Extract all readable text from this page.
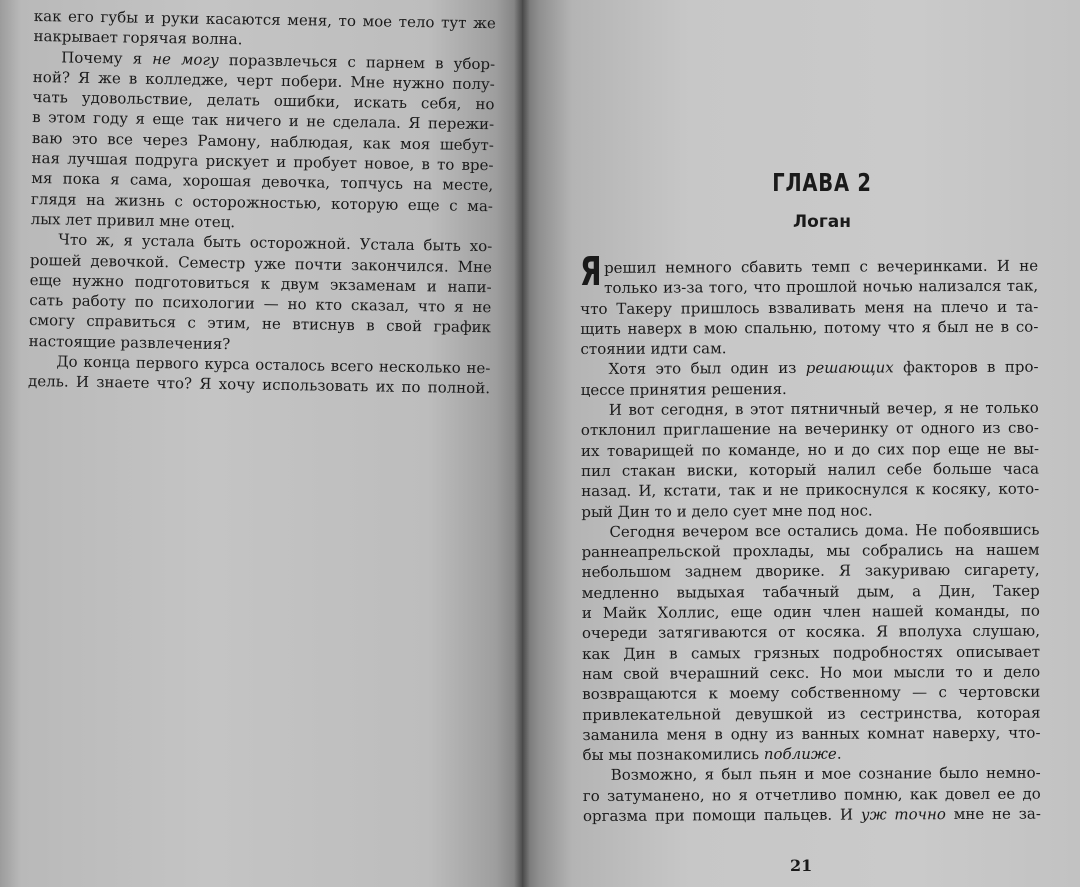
как его губы и руки касаются меня, то мое тело тут же
накрывает горячая волна.
Почему я не могу поразвлечься с парнем в убор-
ной? Я же в колледже, черт побери. Мне нужно полу-
чать удовольствие, делать ошибки, искать себя, но
в этом году я еще так ничего и не сделала. Я пережи-
ваю это все через Рамону, наблюдая, как моя шебут-
ная лучшая подруга рискует и пробует новое, в то вре-
мя пока я сама, хорошая девочка, топчусь на месте,
глядя на жизнь с осторожностью, которую еще с ма-
лых лет привил мне отец.
Что ж, я устала быть осторожной. Устала быть хо-
рошей девочкой. Семестр уже почти закончился. Мне
еще нужно подготовиться к двум экзаменам и напи-
сать работу по психологии — но кто сказал, что я не
смогу справиться с этим, не втиснув в свой график
настоящие развлечения?
До конца первого курса осталось всего несколько не-
дель. И знаете что? Я хочу использовать их по полной.
ГЛАВА 2
Логан
Я решил немного сбавить темп с вечеринками. И не
только из-за того, что прошлой ночью нализался так,
что Такеру пришлось взваливать меня на плечо и та-
щить наверх в мою спальню, потому что я был не в со-
стоянии идти сам.
Хотя это был один из решающих факторов в про-
цессе принятия решения.
И вот сегодня, в этот пятничный вечер, я не только
отклонил приглашение на вечеринку от одного из сво-
их товарищей по команде, но и до сих пор еще не вы-
пил стакан виски, который налил себе больше часа
назад. И, кстати, так и не прикоснулся к косяку, кото-
рый Дин то и дело сует мне под нос.
Сегодня вечером все остались дома. Не побоявшись
раннеапрельской прохлады, мы собрались на нашем
небольшом заднем дворике. Я закуриваю сигарету,
медленно выдыхая табачный дым, а Дин, Такер
и Майк Холлис, еще один член нашей команды, по
очереди затягиваются от косяка. Я вполуха слушаю,
как Дин в самых грязных подробностях описывает
нам свой вчерашний секс. Но мои мысли то и дело
возвращаются к моему собственному — с чертовски
привлекательной девушкой из сестринства, которая
заманила меня в одну из ванных комнат наверху, что-
бы мы познакомились поближе.
Возможно, я был пьян и мое сознание было немно-
го затуманено, но я отчетливо помню, как довел ее до
оргазма при помощи пальцев. И уж точно мне не за-
21
